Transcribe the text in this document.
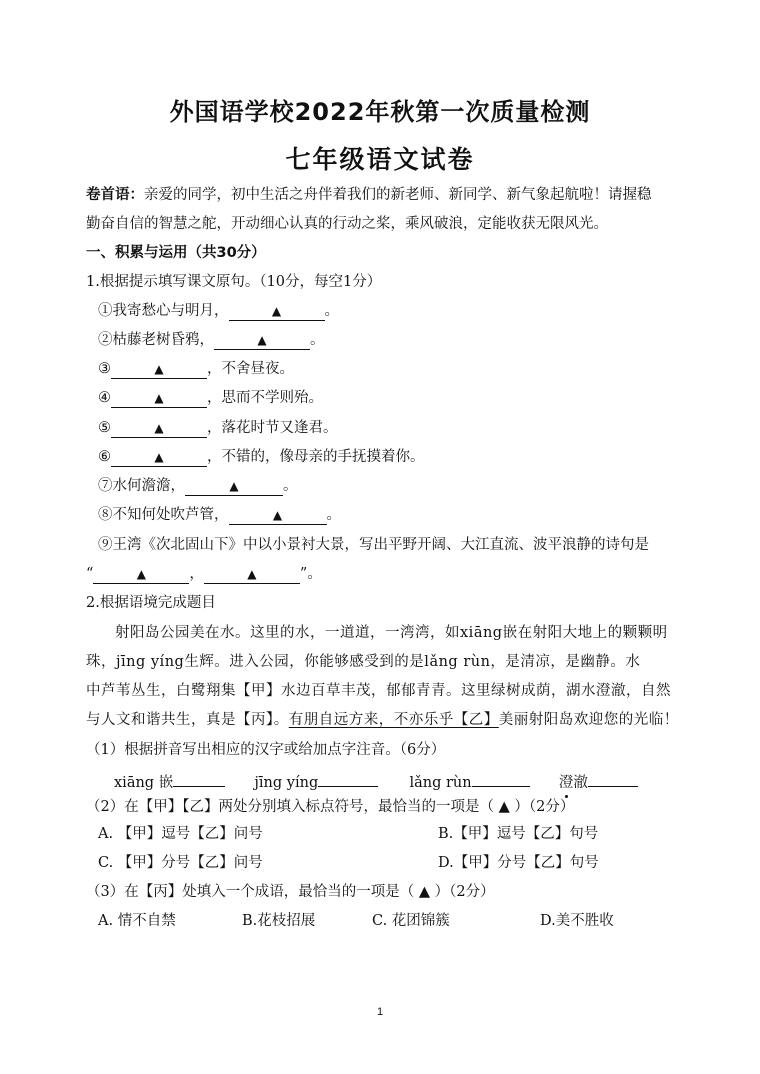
外国语学校2022年秋第一次质量检测
七年级语文试卷
卷首语：亲爱的同学，初中生活之舟伴着我们的新老师、新同学、新气象起航啦！请握稳
勤奋自信的智慧之舵，开动细心认真的行动之桨，乘风破浪，定能收获无限风光。
一、积累与运用（共30分）
1.根据提示填写课文原句。（10分，每空1分）
①我寄愁心与明月，	▲	。
②枯藤老树昏鸦，	▲	。
③	▲	，不舍昼夜。
④	▲	，思而不学则殆。
⑤	▲	，落花时节又逢君。
⑥	▲	，不错的，像母亲的手抚摸着你。
⑦水何澹澹，	▲	。
⑧不知何处吹芦管，	▲	。
⑨王湾《次北固山下》中以小景衬大景，写出平野开阔、大江直流、波平浪静的诗句是
“	▲	，	▲	”。
2.根据语境完成题目
射阳岛公园美在水。这里的水，一道道，一湾湾，如xiāng嵌在射阳大地上的颗颗明
珠，jīng yíng生辉。进入公园，你能够感受到的是lǎng rùn，是清凉，是幽静。水
中芦苇丛生，白鹭翔集【甲】水边百草丰茂，郁郁青青。这里绿树成荫，湖水澄澈，自然
与人文和谐共生，真是【丙】。有朋自远方来，不亦乐乎【乙】美丽射阳岛欢迎您的光临！
（1）根据拼音写出相应的汉字或给加点字注音。（6分）
xiāng 嵌	jīng yíng	lǎng rùn	澄澈
（2）在【甲】【乙】两处分别填入标点符号，最恰当的一项是（ ▲ ）（2分）
A. 【甲】逗号【乙】问号	B.【甲】逗号【乙】句号
C. 【甲】分号【乙】问号	D.【甲】分号【乙】句号
（3）在【丙】处填入一个成语，最恰当的一项是（ ▲ ）（2分）
A. 情不自禁	B.花枝招展	C. 花团锦簇	D.美不胜收
1
